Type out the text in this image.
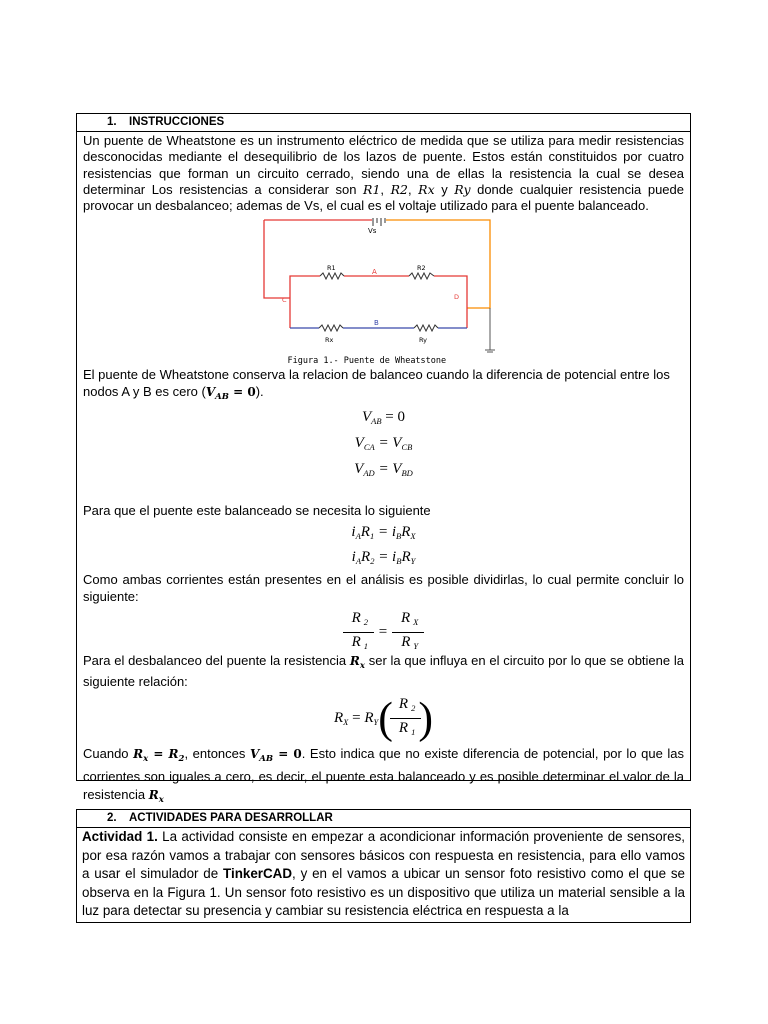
1. INSTRUCCIONES

Un puente de Wheatstone es un instrumento eléctrico de medida que se utiliza para medir resistencias desconocidas mediante el desequilibrio de los lazos de puente. Estos están constituidos por cuatro resistencias que forman un circuito cerrado, siendo una de ellas la resistencia la cual se desea determinar Los resistencias a considerar son R1, R2, Rx y Ry donde cualquier resistencia puede provocar un desbalanceo; ademas de Vs, el cual es el voltaje utilizado para el puente balanceado.

Vs
R1	R2
A
C	D
B
Rx	Ry
Figura 1.- Puente de Wheatstone

El puente de Wheatstone conserva la relacion de balanceo cuando la diferencia de potencial entre los nodos A y B es cero $(V_{AB} = 0)$.

$V_{AB} = 0$
$V_{CA} = V_{CB}$
$V_{AD} = V_{BD}$

Para que el puente este balanceado se necesita lo siguiente

$i_AR_1 = i_BR_X$
$i_AR_2 = i_BR_Y$

Como ambas corrientes están presentes en el análisis es posible dividirlas, lo cual permite concluir lo siguiente:

$\frac{R _2}{R _1} = \frac{R _X}{R _Y}$

Para el desbalanceo del puente la resistencia $R_x$ ser la que influya en el circuito por lo que se obtiene la siguiente relación:

$R_X = R_Y( \frac{R _2}{R _1}$ )

Cuando $R_x = R_2$, entonces $V_{AB} = 0$. Esto indica que no existe diferencia de potencial, por lo que las corrientes son iguales a cero, es decir, el puente esta balanceado y es posible determinar el valor de la resistencia $R_x$

2. ACTIVIDADES PARA DESARROLLAR
Actividad 1. La actividad consiste en empezar a acondicionar información proveniente de sensores, por esa razón vamos a trabajar con sensores básicos con respuesta en resistencia, para ello vamos a usar el simulador de TinkerCAD, y en el vamos a ubicar un sensor foto resistivo como el que se observa en la Figura 1. Un sensor foto resistivo es un dispositivo que utiliza un material sensible a la luz para detectar su presencia y cambiar su resistencia eléctrica en respuesta a la
